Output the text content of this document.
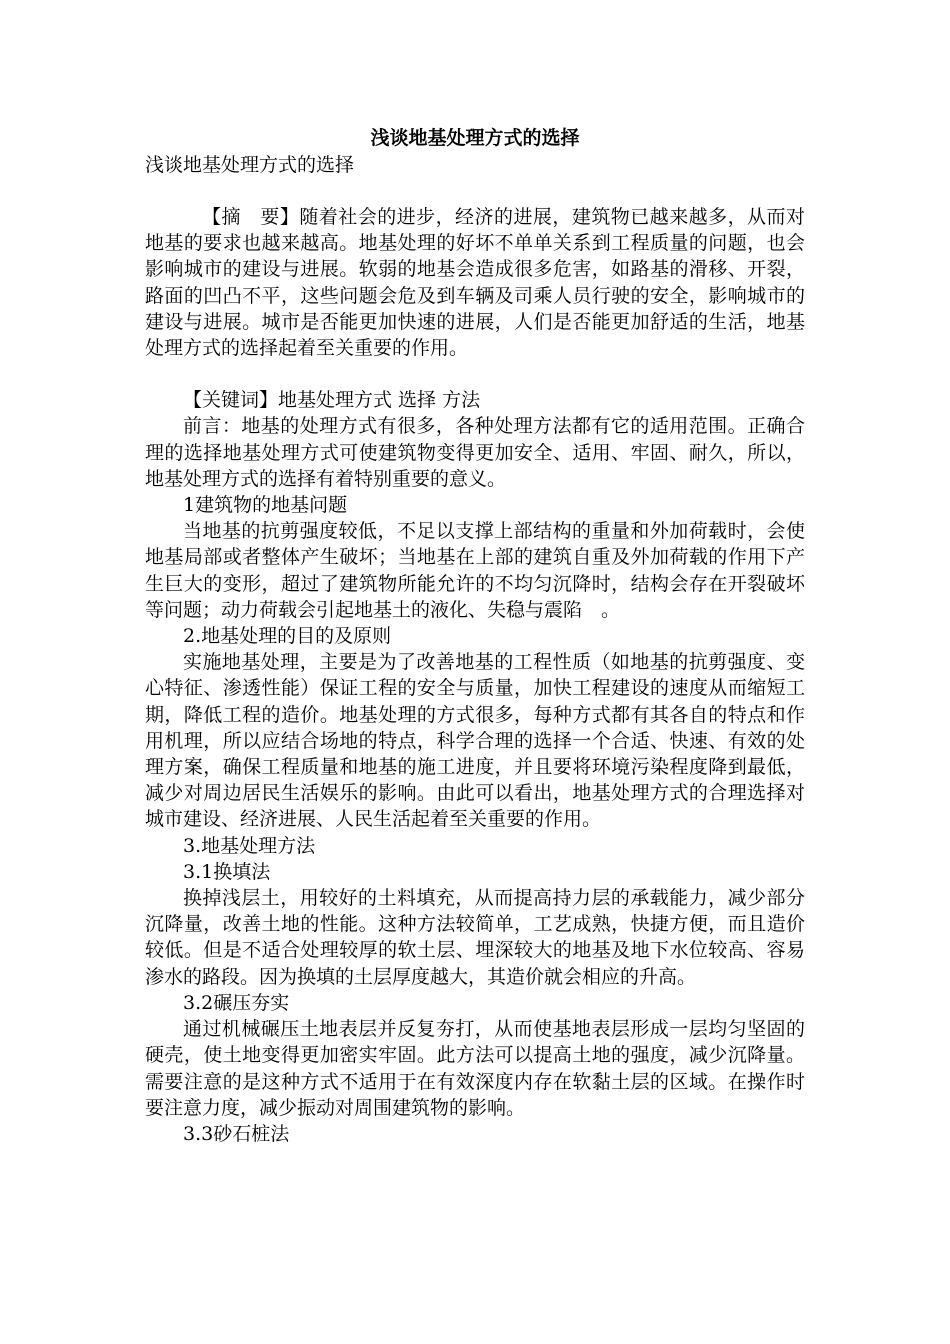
浅谈地基处理方式的选择

浅谈地基处理方式的选择

【摘　要】随着社会的进步，经济的进展，建筑物已越来越多，从而对地基的要求也越来越高。地基处理的好坏不单单关系到工程质量的问题，也会影响城市的建设与进展。软弱的地基会造成很多危害，如路基的滑移、开裂，路面的凹凸不平，这些问题会危及到车辆及司乘人员行驶的安全，影响城市的建设与进展。城市是否能更加快速的进展，人们是否能更加舒适的生活，地基处理方式的选择起着至关重要的作用。

【关键词】地基处理方式 选择 方法

前言：地基的处理方式有很多，各种处理方法都有它的适用范围。正确合理的选择地基处理方式可使建筑物变得更加安全、适用、牢固、耐久，所以，地基处理方式的选择有着特别重要的意义。

1建筑物的地基问题

当地基的抗剪强度较低，不足以支撑上部结构的重量和外加荷载时，会使地基局部或者整体产生破坏；当地基在上部的建筑自重及外加荷载的作用下产生巨大的变形，超过了建筑物所能允许的不均匀沉降时，结构会存在开裂破坏等问题；动力荷载会引起地基土的液化、失稳与震陷　。

2.地基处理的目的及原则

实施地基处理，主要是为了改善地基的工程性质（如地基的抗剪强度、变心特征、渗透性能）保证工程的安全与质量，加快工程建设的速度从而缩短工期，降低工程的造价。地基处理的方式很多，每种方式都有其各自的特点和作用机理，所以应结合场地的特点，科学合理的选择一个合适、快速、有效的处理方案，确保工程质量和地基的施工进度，并且要将环境污染程度降到最低，减少对周边居民生活娱乐的影响。由此可以看出，地基处理方式的合理选择对城市建设、经济进展、人民生活起着至关重要的作用。

3.地基处理方法

3.1换填法

换掉浅层土，用较好的土料填充，从而提高持力层的承载能力，减少部分沉降量，改善土地的性能。这种方法较简单，工艺成熟，快捷方便，而且造价较低。但是不适合处理较厚的软土层、埋深较大的地基及地下水位较高、容易渗水的路段。因为换填的土层厚度越大，其造价就会相应的升高。

3.2碾压夯实

通过机械碾压土地表层并反复夯打，从而使基地表层形成一层均匀坚固的硬壳，使土地变得更加密实牢固。此方法可以提高土地的强度，减少沉降量。需要注意的是这种方式不适用于在有效深度内存在软黏土层的区域。在操作时要注意力度，减少振动对周围建筑物的影响。

3.3砂石桩法
